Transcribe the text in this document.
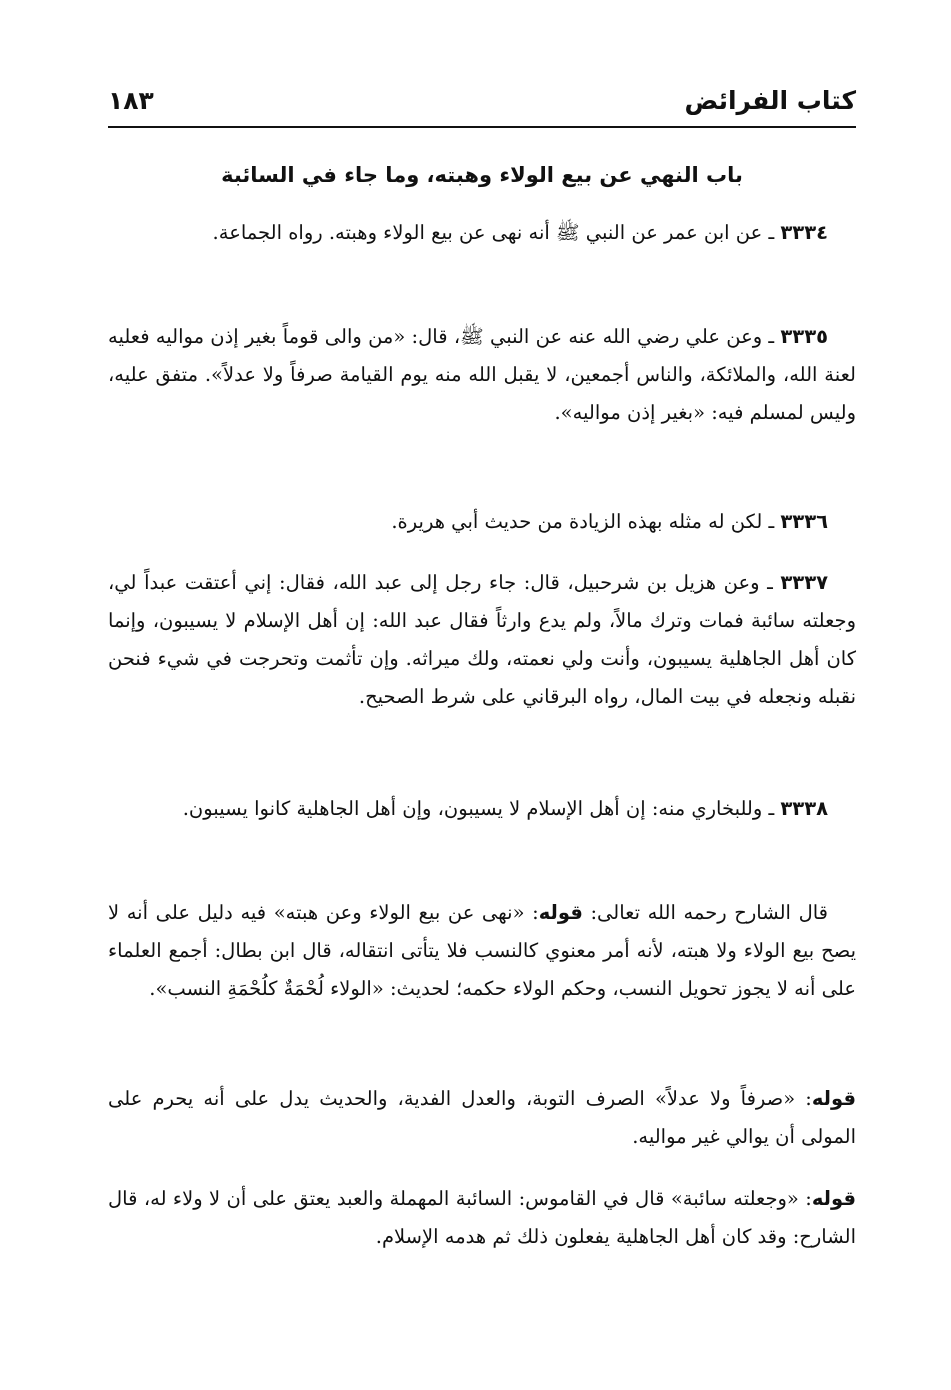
كتاب الفرائض
١٨٣
باب النهي عن بيع الولاء وهبته، وما جاء في السائبة
٣٣٣٤ ـ عن ابن عمر عن النبي ﷺ أنه نهى عن بيع الولاء وهبته. رواه الجماعة.
٣٣٣٥ ـ وعن علي رضي الله عنه عن النبي ﷺ، قال: «من والى قوماً بغير إذن مواليه فعليه لعنة الله، والملائكة، والناس أجمعين، لا يقبل الله منه يوم القيامة صرفاً ولا عدلاً». متفق عليه، وليس لمسلم فيه: «بغير إذن مواليه».
٣٣٣٦ ـ لكن له مثله بهذه الزيادة من حديث أبي هريرة.
٣٣٣٧ ـ وعن هزيل بن شرحبيل، قال: جاء رجل إلى عبد الله، فقال: إني أعتقت عبداً لي، وجعلته سائبة فمات وترك مالاً، ولم يدع وارثاً فقال عبد الله: إن أهل الإسلام لا يسيبون، وإنما كان أهل الجاهلية يسيبون، وأنت ولي نعمته، ولك ميراثه. وإن تأثمت وتحرجت في شيء فنحن نقبله ونجعله في بيت المال، رواه البرقاني على شرط الصحيح.
٣٣٣٨ ـ وللبخاري منه: إن أهل الإسلام لا يسيبون، وإن أهل الجاهلية كانوا يسيبون.
قال الشارح رحمه الله تعالى: قوله: «نهى عن بيع الولاء وعن هبته» فيه دليل على أنه لا يصح بيع الولاء ولا هبته، لأنه أمر معنوي كالنسب فلا يتأتى انتقاله، قال ابن بطال: أجمع العلماء على أنه لا يجوز تحويل النسب، وحكم الولاء حكمه؛ لحديث: «الولاء لُحْمَةٌ كلُحْمَةِ النسب».
قوله: «صرفاً ولا عدلاً» الصرف التوبة، والعدل الفدية، والحديث يدل على أنه يحرم على المولى أن يوالي غير مواليه.
قوله: «وجعلته سائبة» قال في القاموس: السائبة المهملة والعبد يعتق على أن لا ولاء له، قال الشارح: وقد كان أهل الجاهلية يفعلون ذلك ثم هدمه الإسلام.
